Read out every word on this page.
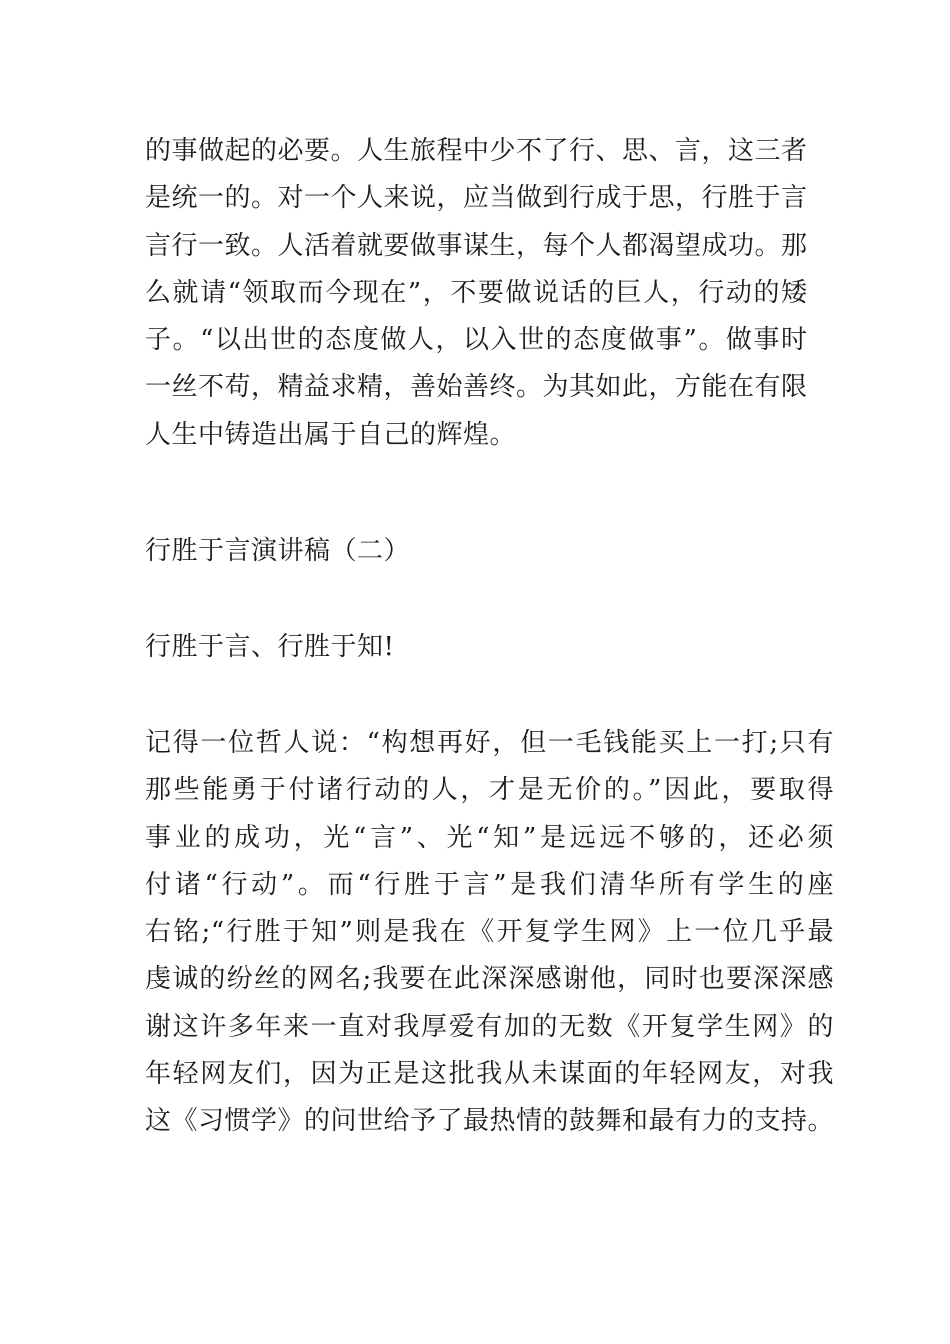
的事做起的必要。人生旅程中少不了行、思、言，这三者
是统一的。对一个人来说，应当做到行成于思，行胜于言
言行一致。人活着就要做事谋生，每个人都渴望成功。那
么就请“领取而今现在”，不要做说话的巨人，行动的矮
子。“以出世的态度做人，以入世的态度做事”。做事时
一丝不苟，精益求精，善始善终。为其如此，方能在有限
人生中铸造出属于自己的辉煌。

行胜于言演讲稿（二）

行胜于言、行胜于知!

记得一位哲人说：“构想再好，但一毛钱能买上一打;只有
那些能勇于付诸行动的人，才是无价的。”因此，要取得
事业的成功，光“言”、光“知”是远远不够的，还必须
付诸“行动”。而“行胜于言”是我们清华所有学生的座
右铭;“行胜于知”则是我在《开复学生网》上一位几乎最
虔诚的纷丝的网名;我要在此深深感谢他，同时也要深深感
谢这许多年来一直对我厚爱有加的无数《开复学生网》的
年轻网友们，因为正是这批我从未谋面的年轻网友，对我
这《习惯学》的问世给予了最热情的鼓舞和最有力的支持。
